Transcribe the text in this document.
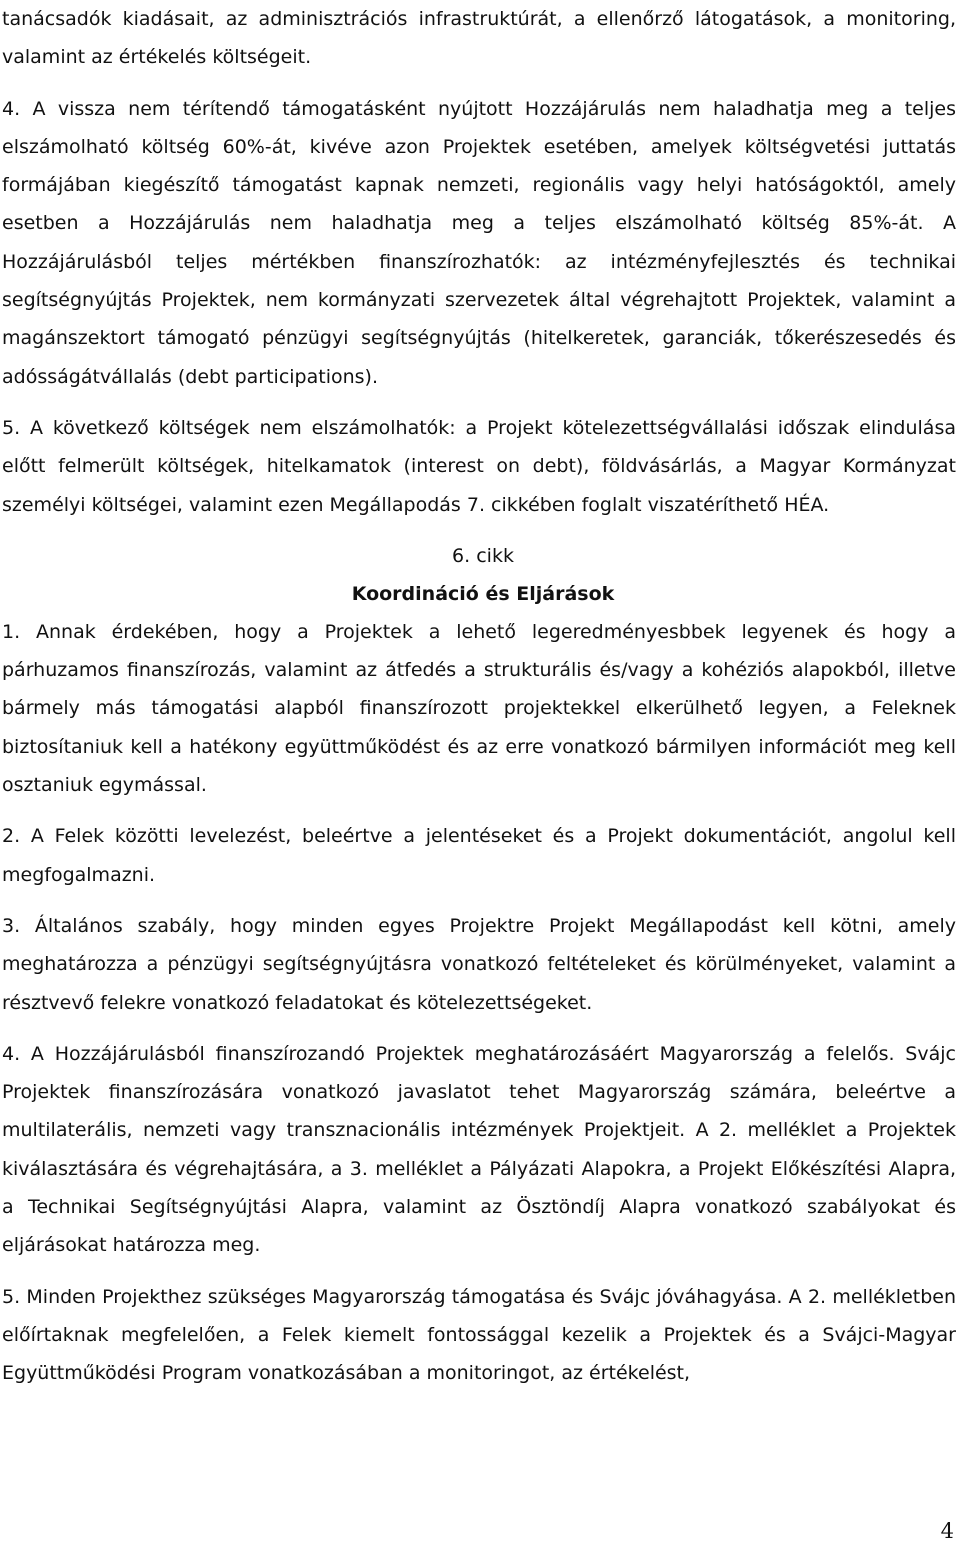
tanácsadók kiadásait, az adminisztrációs infrastruktúrát, a ellenőrző látogatások, a monitoring, valamint az értékelés költségeit.

4. A vissza nem térítendő támogatásként nyújtott Hozzájárulás nem haladhatja meg a teljes elszámolható költség 60%-át, kivéve azon Projektek esetében, amelyek költségvetési juttatás formájában kiegészítő támogatást kapnak nemzeti, regionális vagy helyi hatóságoktól, amely esetben a Hozzájárulás nem haladhatja meg a teljes elszámolható költség 85%-át. A Hozzájárulásból teljes mértékben finanszírozhatók: az intézményfejlesztés és technikai segítségnyújtás Projektek, nem kormányzati szervezetek által végrehajtott Projektek, valamint a magánszektort támogató pénzügyi segítségnyújtás (hitelkeretek, garanciák, tőkerészesedés és adósságátvállalás (debt participations).

5. A következő költségek nem elszámolhatók: a Projekt kötelezettségvállalási időszak elindulása előtt felmerült költségek, hitelkamatok (interest on debt), földvásárlás, a Magyar Kormányzat személyi költségei, valamint ezen Megállapodás 7. cikkében foglalt viszatéríthető HÉA.

6. cikk

Koordináció és Eljárások

1. Annak érdekében, hogy a Projektek a lehető legeredményesbbek legyenek és hogy a párhuzamos finanszírozás, valamint az átfedés a strukturális és/vagy a kohéziós alapokból, illetve bármely más támogatási alapból finanszírozott projektekkel elkerülhető legyen, a Feleknek biztosítaniuk kell a hatékony együttműködést és az erre vonatkozó bármilyen információt meg kell osztaniuk egymással.

2. A Felek közötti levelezést, beleértve a jelentéseket és a Projekt dokumentációt, angolul kell megfogalmazni.

3. Általános szabály, hogy minden egyes Projektre Projekt Megállapodást kell kötni, amely meghatározza a pénzügyi segítségnyújtásra vonatkozó feltételeket és körülményeket, valamint a résztvevő felekre vonatkozó feladatokat és kötelezettségeket.

4. A Hozzájárulásból finanszírozandó Projektek meghatározásáért Magyarország a felelős. Svájc Projektek finanszírozására vonatkozó javaslatot tehet Magyarország számára, beleértve a multilaterális, nemzeti vagy transznacionális intézmények Projektjeit. A 2. melléklet a Projektek kiválasztására és végrehajtására, a 3. melléklet a Pályázati Alapokra, a Projekt Előkészítési Alapra, a Technikai Segítségnyújtási Alapra, valamint az Ösztöndíj Alapra vonatkozó szabályokat és eljárásokat határozza meg.

5. Minden Projekthez szükséges Magyarország támogatása és Svájc jóváhagyása. A 2. mellékletben előírtaknak megfelelően, a Felek kiemelt fontossággal kezelik a Projektek és a Svájci-Magyar Együttműködési Program vonatkozásában a monitoringot, az értékelést,

4
